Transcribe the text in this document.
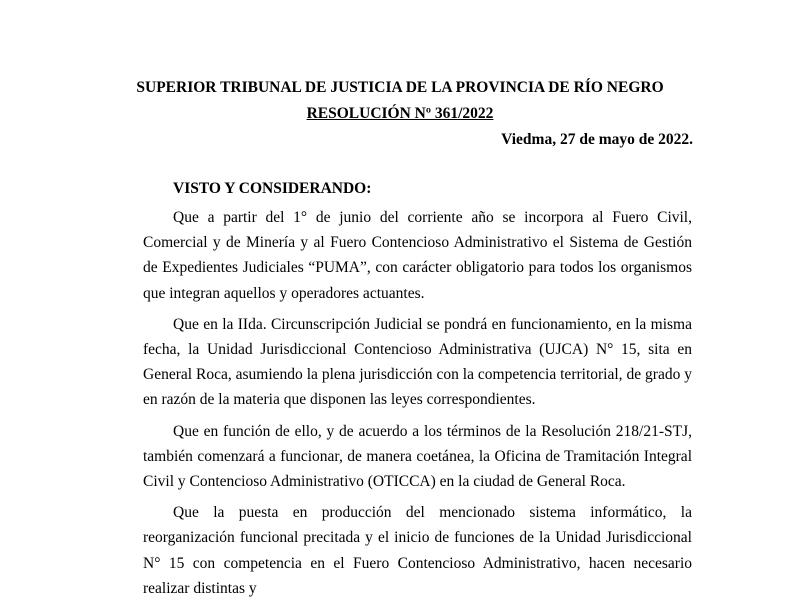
SUPERIOR TRIBUNAL DE JUSTICIA DE LA PROVINCIA DE RÍO NEGRO
RESOLUCIÓN Nº 361/2022
Viedma, 27 de mayo de 2022.
VISTO Y CONSIDERANDO:

Que a partir del 1° de junio del corriente año se incorpora al Fuero Civil, Comercial y de Minería y al Fuero Contencioso Administrativo el Sistema de Gestión de Expedientes Judiciales “PUMA”, con carácter obligatorio para todos los organismos que integran aquellos y operadores actuantes.

Que en la IIda. Circunscripción Judicial se pondrá en funcionamiento, en la misma fecha, la Unidad Jurisdiccional Contencioso Administrativa (UJCA) N° 15, sita en General Roca, asumiendo la plena jurisdicción con la competencia territorial, de grado y en razón de la materia que disponen las leyes correspondientes.

Que en función de ello, y de acuerdo a los términos de la Resolución 218/21-STJ, también comenzará a funcionar, de manera coetánea, la Oficina de Tramitación Integral Civil y Contencioso Administrativo (OTICCA) en la ciudad de General Roca.

Que la puesta en producción del mencionado sistema informático, la reorganización funcional precitada y el inicio de funciones de la Unidad Jurisdiccional N° 15 con competencia en el Fuero Contencioso Administrativo, hacen necesario realizar distintas y
